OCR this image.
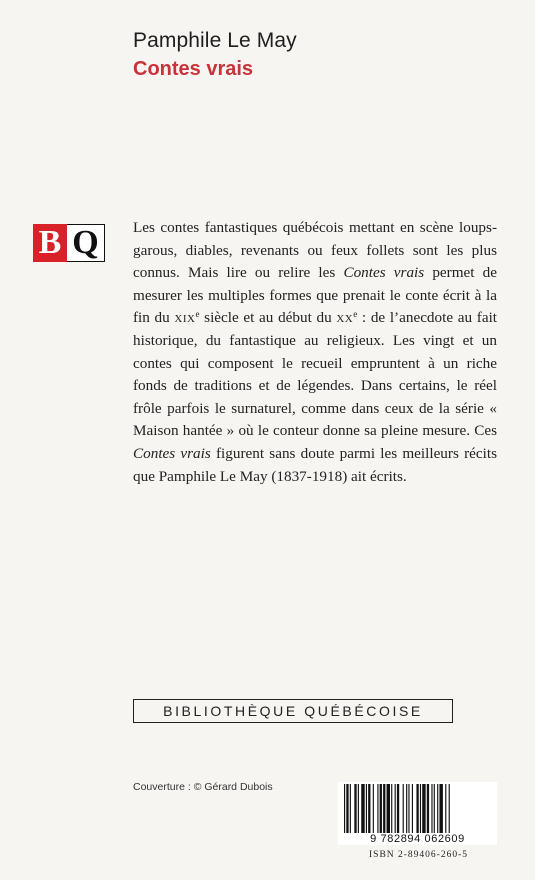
Pamphile Le May
Contes vrais
B Q	Les contes fantastiques québécois mettant en scène loups-garous, diables, revenants ou feux follets sont les plus connus. Mais lire ou relire les Contes vrais permet de mesurer les multiples formes que prenait le conte écrit à la fin du xix$^e$ siècle et au début du $xx^e$ : de l’anecdote au fait historique, du fantastique au religieux. Les vingt et un contes qui composent le recueil empruntent à un riche fonds de traditions et de légendes. Dans certains, le réel frôle parfois le surnaturel, comme dans ceux de la série « Maison hantée » où le conteur donne sa pleine mesure. Ces Contes vrais figurent sans doute parmi les meilleurs récits que Pamphile Le May (1837-1918) ait écrits.
BIBLIOTHÈQUE QUÉBÉCOISE
Couverture : © Gérard Dubois
9 782894 062609
ISBN 2-89406-260-5
